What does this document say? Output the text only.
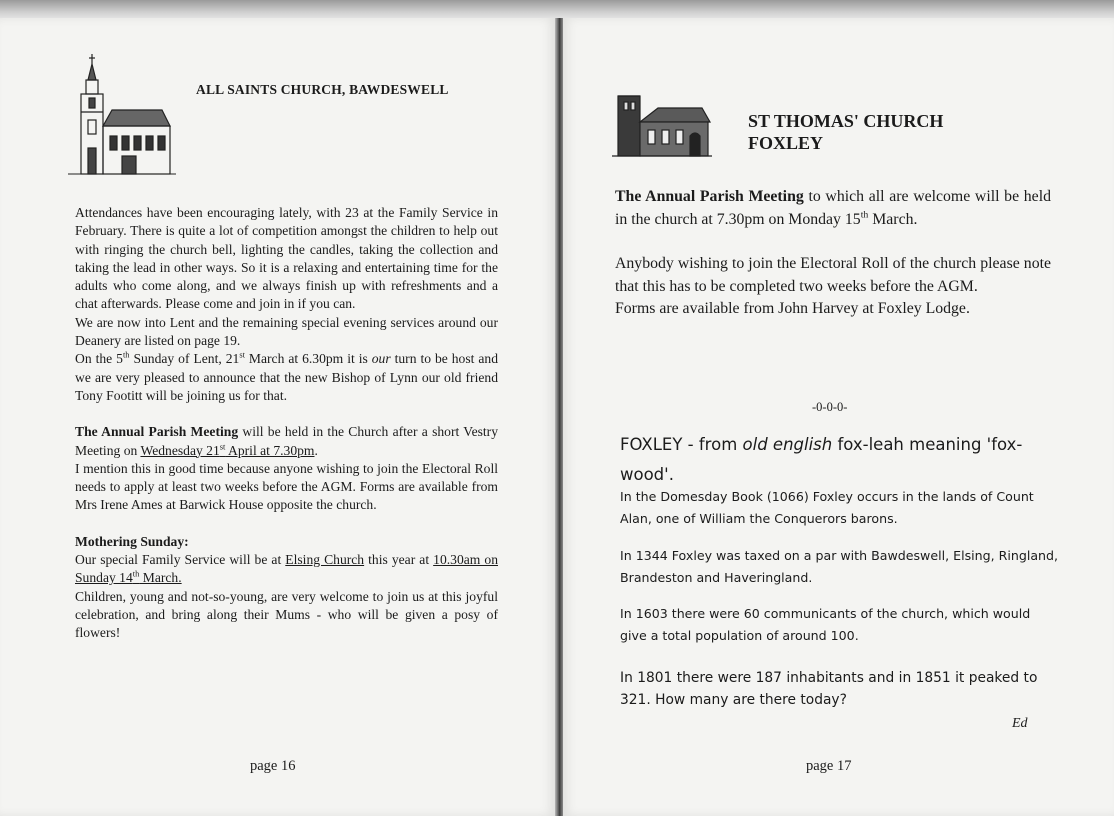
ALL SAINTS CHURCH, BAWDESWELL

Attendances have been encouraging lately, with 23 at the Family Service in February. There is quite a lot of competition amongst the children to help out with ringing the church bell, lighting the candles, taking the collection and taking the lead in other ways. So it is a relaxing and entertaining time for the adults who come along, and we always finish up with refreshments and a chat afterwards. Please come and join in if you can.

We are now into Lent and the remaining special evening services around our Deanery are listed on page 19.

On the 5th Sunday of Lent, 21st March at 6.30pm it is our turn to be host and we are very pleased to announce that the new Bishop of Lynn our old friend Tony Footitt will be joining us for that.

The Annual Parish Meeting will be held in the Church after a short Vestry Meeting on Wednesday 21st April at 7.30pm.

I mention this in good time because anyone wishing to join the Electoral Roll needs to apply at least two weeks before the AGM. Forms are available from Mrs Irene Ames at Barwick House opposite the church.

Mothering Sunday:

Our special Family Service will be at Elsing Church this year at 10.30am on Sunday 14th March.

Children, young and not-so-young, are very welcome to join us at this joyful celebration, and bring along their Mums - who will be given a posy of flowers!

page 16
ST THOMAS' CHURCH
FOXLEY

The Annual Parish Meeting to which all are welcome will be held in the church at 7.30pm on Monday 15th March.

Anybody wishing to join the Electoral Roll of the church please note that this has to be completed two weeks before the AGM.

Forms are available from John Harvey at Foxley Lodge.

-0-0-0-
FOXLEY - from old english fox-leah meaning 'fox-wood'.
In the Domesday Book (1066) Foxley occurs in the lands of Count Alan, one of William the Conquerors barons.
In 1344 Foxley was taxed on a par with Bawdeswell, Elsing, Ringland, Brandeston and Haveringland.
In 1603 there were 60 communicants of the church, which would give a total population of around 100.
In 1801 there were 187 inhabitants and in 1851 it peaked to 321. How many are there today?
Ed
page 17
